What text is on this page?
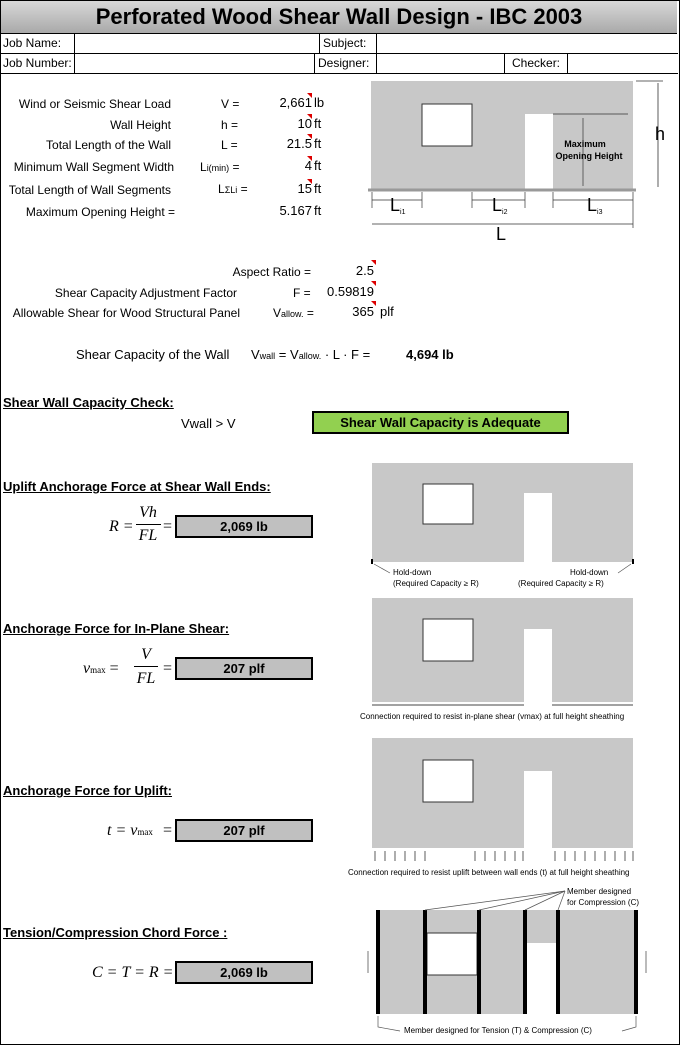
Perforated Wood Shear Wall Design - IBC 2003
Job Name:	Subject:
Job Number:	Designer:	Checker:
Wind or Seismic Shear Load	V =	2,661 lb
Wall Height	h =	10 ft
Total Length of the Wall	L =	21.5 ft
Minimum Wall Segment Width Li(min) =	4 ft
Total Length of Wall Segments	LΣLi =	15 ft
Maximum Opening Height =	5.167 ft
Maximum
Opening Height
h
Li1	Li2	Li3
L
Aspect Ratio =	2.5
Shear Capacity Adjustment Factor	F =	0.59819
Allowable Shear for Wood Structural Panel	Vallow. =	365 plf
Shear Capacity of the Wall Vwall = Vallow. · L · F =	4,694 lb
Shear Wall Capacity Check:
Vwall > V	Shear Wall Capacity is Adequate
Uplift Anchorage Force at Shear Wall Ends:
R =
Vh
FL
=	2,069 lb
Hold-down
(Required Capacity ≥ R)
Hold-down
(Required Capacity ≥ R)
Anchorage Force for In-Plane Shear:
vmax =
V
FL
=	207 plf
Connection required to resist in-plane shear (vmax) at full height sheathing
Anchorage Force for Uplift:
t = vmax =	207 plf
Connection required to resist uplift between wall ends (t) at full height sheathing
Tension/Compression Chord Force :
C = T = R =	2,069 lb
Member designed
for Compression (C)
Member designed for Tension (T) & Compression (C)
